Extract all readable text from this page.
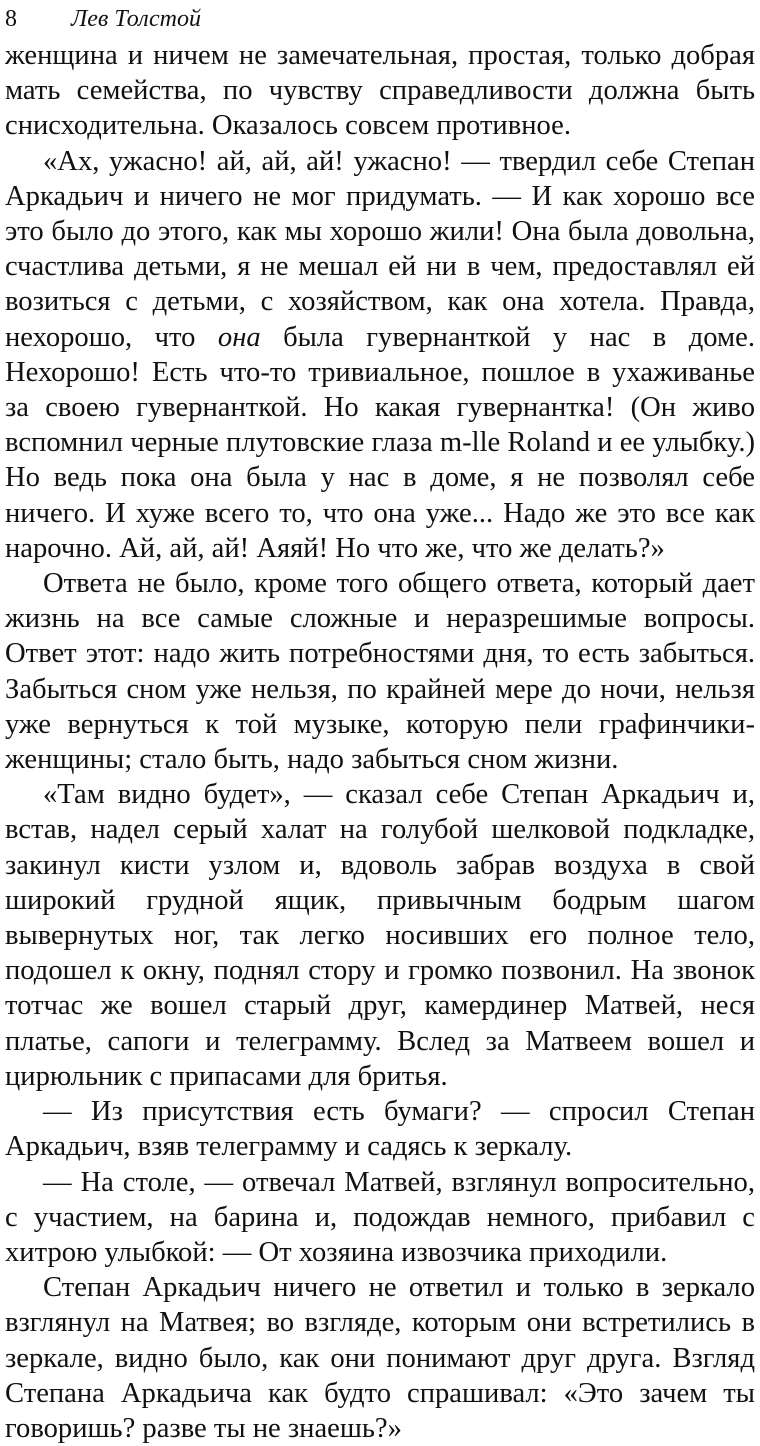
8	Лев Толстой

женщина и ничем не замечательная, простая, только добрая мать семейства, по чувству справедливости должна быть снисходительна. Оказалось совсем противное.

«Ах, ужасно! ай, ай, ай! ужасно! — твердил себе Степан Аркадьич и ничего не мог придумать. — И как хорошо все это было до этого, как мы хорошо жили! Она была довольна, счастлива детьми, я не мешал ей ни в чем, предоставлял ей возиться с детьми, с хозяйством, как она хотела. Правда, нехорошо, что она была гувернанткой у нас в доме. Нехорошо! Есть что-то тривиальное, пошлое в ухаживанье за своею гувернанткой. Но какая гувернантка! (Он живо вспомнил черные плутовские глаза m-lle Roland и ее улыбку.) Но ведь пока она была у нас в доме, я не позволял себе ничего. И хуже всего то, что она уже... Надо же это все как нарочно. Ай, ай, ай! Аяяй! Но что же, что же делать?»

Ответа не было, кроме того общего ответа, который дает жизнь на все самые сложные и неразрешимые вопросы. Ответ этот: надо жить потребностями дня, то есть забыться. Забыться сном уже нельзя, по крайней мере до ночи, нельзя уже вернуться к той музыке, которую пели графинчики-женщины; стало быть, надо забыться сном жизни.

«Там видно будет», — сказал себе Степан Аркадьич и, встав, надел серый халат на голубой шелковой подкладке, закинул кисти узлом и, вдоволь забрав воздуха в свой широкий грудной ящик, привычным бодрым шагом вывернутых ног, так легко носивших его полное тело, подошел к окну, поднял стору и громко позвонил. На звонок тотчас же вошел старый друг, камердинер Матвей, неся платье, сапоги и телеграмму. Вслед за Матвеем вошел и цирюльник с припасами для бритья.

— Из присутствия есть бумаги? — спросил Степан Аркадьич, взяв телеграмму и садясь к зеркалу.

— На столе, — отвечал Матвей, взглянул вопросительно, с участием, на барина и, подождав немного, прибавил с хитрою улыбкой: — От хозяина извозчика приходили.

Степан Аркадьич ничего не ответил и только в зеркало взглянул на Матвея; во взгляде, которым они встретились в зеркале, видно было, как они понимают друг друга. Взгляд Степана Аркадьича как будто спрашивал: «Это зачем ты говоришь? разве ты не знаешь?»
